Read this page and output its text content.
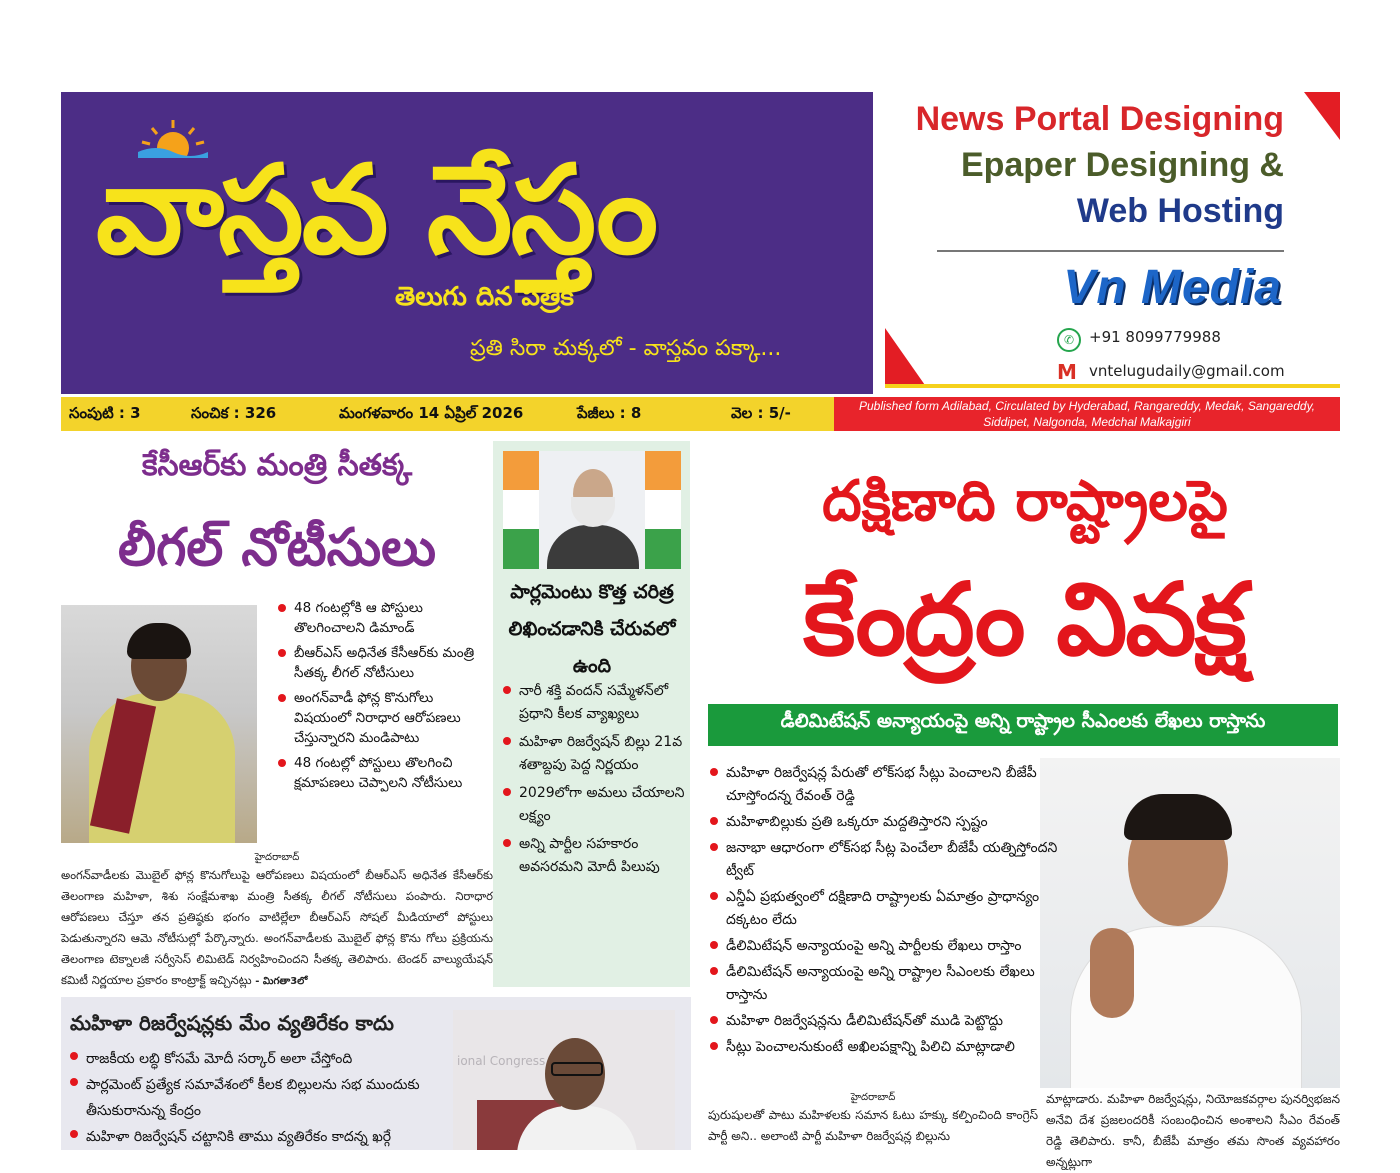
వాస్తవ నేస్తం
తెలుగు దిన పత్రిక
ప్రతి సిరా చుక్కలో - వాస్తవం పక్కా...
News Portal Designing
Epaper Designing &
Web Hosting
Vn Media
✆ +91 8099779988
M vntelugudaily@gmail.com
సంపుటి : 3	సంచిక : 326	మంగళవారం 14 ఏప్రిల్ 2026	పేజీలు : 8	వెల : 5/-	Published form Adilabad, Circulated by Hyderabad, Rangareddy, Medak, Sangareddy, Siddipet, Nalgonda, Medchal Malkajgiri
కేసీఆర్‌కు మంత్రి సీతక్క
లీగల్ నోటీసులు
48 గంటల్లోకి ఆ పోస్టులు తొలగించాలని డిమాండ్
బీఆర్ఎస్ అధినేత కేసీఆర్‌కు మంత్రి సీతక్క లీగల్ నోటీసులు
అంగన్‌వాడీ ఫోన్ల కొనుగోలు విషయంలో నిరాధార ఆరోపణలు చేస్తున్నారని మండిపాటు
48 గంటల్లో పోస్టులు తొలగించి క్షమాపణలు చెప్పాలని నోటీసులు
హైదరాబాద్
అంగన్‌వాడీలకు మొబైల్ ఫోన్ల కొనుగోలుపై ఆరోపణలు విషయంలో బీఆర్ఎస్ అధినేత కేసీఆర్‌కు తెలంగాణ మహిళా, శిశు సంక్షేమశాఖ మంత్రి సీతక్క లీగల్ నోటీసులు పంపారు. నిరాధార ఆరోపణలు చేస్తూ తన ప్రతిష్ఠకు భంగం వాటిల్లేలా బీఆర్ఎస్ సోషల్ మీడియాలో పోస్టులు పెడుతున్నారని ఆమె నోటీసుల్లో పేర్కొన్నారు. అంగన్‌వాడీలకు మొబైల్ ఫోన్ల కొను గోలు ప్రక్రియను తెలంగాణ టెక్నాలజీ సర్వీసెస్ లిమిటెడ్ నిర్వహించిందని సీతక్క తెలిపారు. టెండర్ వాల్యుయేషన్ కమిటీ నిర్ణయాల ప్రకారం కాంట్రాక్ట్ ఇచ్చినట్లు - మిగతా3లో
పార్లమెంటు కొత్త చరిత్ర లిఖించడానికి చేరువలో ఉంది
నారీ శక్తి వందన్ సమ్మేళన్‌లో ప్రధాని కీలక వ్యాఖ్యలు
మహిళా రిజర్వేషన్ బిల్లు 21వ శతాబ్దపు పెద్ద నిర్ణయం
2029లోగా అమలు చేయాలని లక్ష్యం
అన్ని పార్టీల సహకారం అవసరమని మోదీ పిలుపు
దక్షిణాది రాష్ట్రాలపై
కేంద్రం వివక్ష
డీలిమిటేషన్ అన్యాయంపై అన్ని రాష్ట్రాల సీఎంలకు లేఖలు రాస్తాను
మహిళా రిజర్వేషన్ల పేరుతో లోక్‌సభ సీట్లు పెంచాలని బీజేపీ చూస్తోందన్న రేవంత్ రెడ్డి
మహిళాబిల్లుకు ప్రతి ఒక్కరూ మద్దతిస్తారని స్పష్టం
జనాభా ఆధారంగా లోక్‌సభ సీట్ల పెంచేలా బీజేపీ యత్నిస్తోందని ట్వీట్
ఎన్డీఏ ప్రభుత్వంలో దక్షిణాది రాష్ట్రాలకు ఏమాత్రం ప్రాధాన్యం దక్కటం లేదు
డీలిమిటేషన్ అన్యాయంపై అన్ని పార్టీలకు లేఖలు రాస్తాం
డీలిమిటేషన్ అన్యాయంపై అన్ని రాష్ట్రాల సీఎంలకు లేఖలు రాస్తాను
మహిళా రిజర్వేషన్లను డీలిమిటేషన్‌తో ముడి పెట్టొద్దు
సీట్లు పెంచాలనుకుంటే అఖిలపక్షాన్ని పిలిచి మాట్లాడాలి
హైదరాబాద్
పురుషులతో పాటు మహిళలకు సమాన ఓటు హక్కు కల్పించింది కాంగ్రెస్ పార్టీ అని.. అలాంటి పార్టీ మహిళా రిజర్వేషన్ల బిల్లును
మాట్లాడారు. మహిళా రిజర్వేషన్లు, నియోజకవర్గాల పునర్విభజన అనేవి దేశ ప్రజలందరికీ సంబంధించిన అంశాలని సీఎం రేవంత్ రెడ్డి తెలిపారు. కానీ, బీజేపీ మాత్రం తమ సొంత వ్యవహారం అన్నట్లుగా
మహిళా రిజర్వేషన్లకు మేం వ్యతిరేకం కాదు
రాజకీయ లబ్ధి కోసమే మోదీ సర్కార్ అలా చేస్తోంది
పార్లమెంట్ ప్రత్యేక సమావేశంలో కీలక బిల్లులను సభ ముందుకు తీసుకురానున్న కేంద్రం
మహిళా రిజర్వేషన్ చట్టానికి తాము వ్యతిరేకం కాదన్న ఖర్గే
ional Congress
